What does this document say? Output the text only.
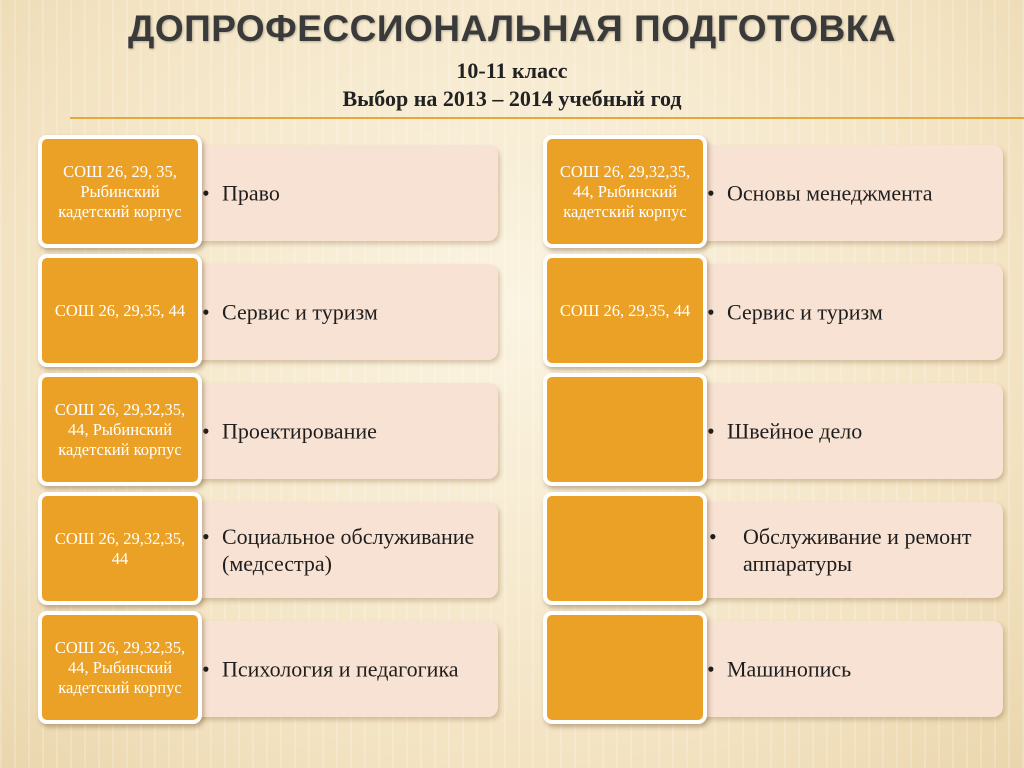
ДОПРОФЕССИОНАЛЬНАЯ ПОДГОТОВКА
10-11 класс
Выбор на 2013 – 2014 учебный год
• Право
СОШ 26, 29, 35, Рыбинский кадетский корпус
• Сервис и туризм
СОШ 26, 29,35, 44
• Проектирование
СОШ 26, 29,32,35, 44, Рыбинский кадетский корпус
• Социальное обслуживание (медсестра)
СОШ 26, 29,32,35, 44
• Психология и педагогика
СОШ 26, 29,32,35, 44, Рыбинский кадетский корпус
• Основы менеджмента
СОШ 26, 29,32,35, 44, Рыбинский кадетский корпус
• Сервис и туризм
СОШ 26, 29,35, 44
• Швейное дело
• Обслуживание и ремонт аппаратуры
• Машинопись
